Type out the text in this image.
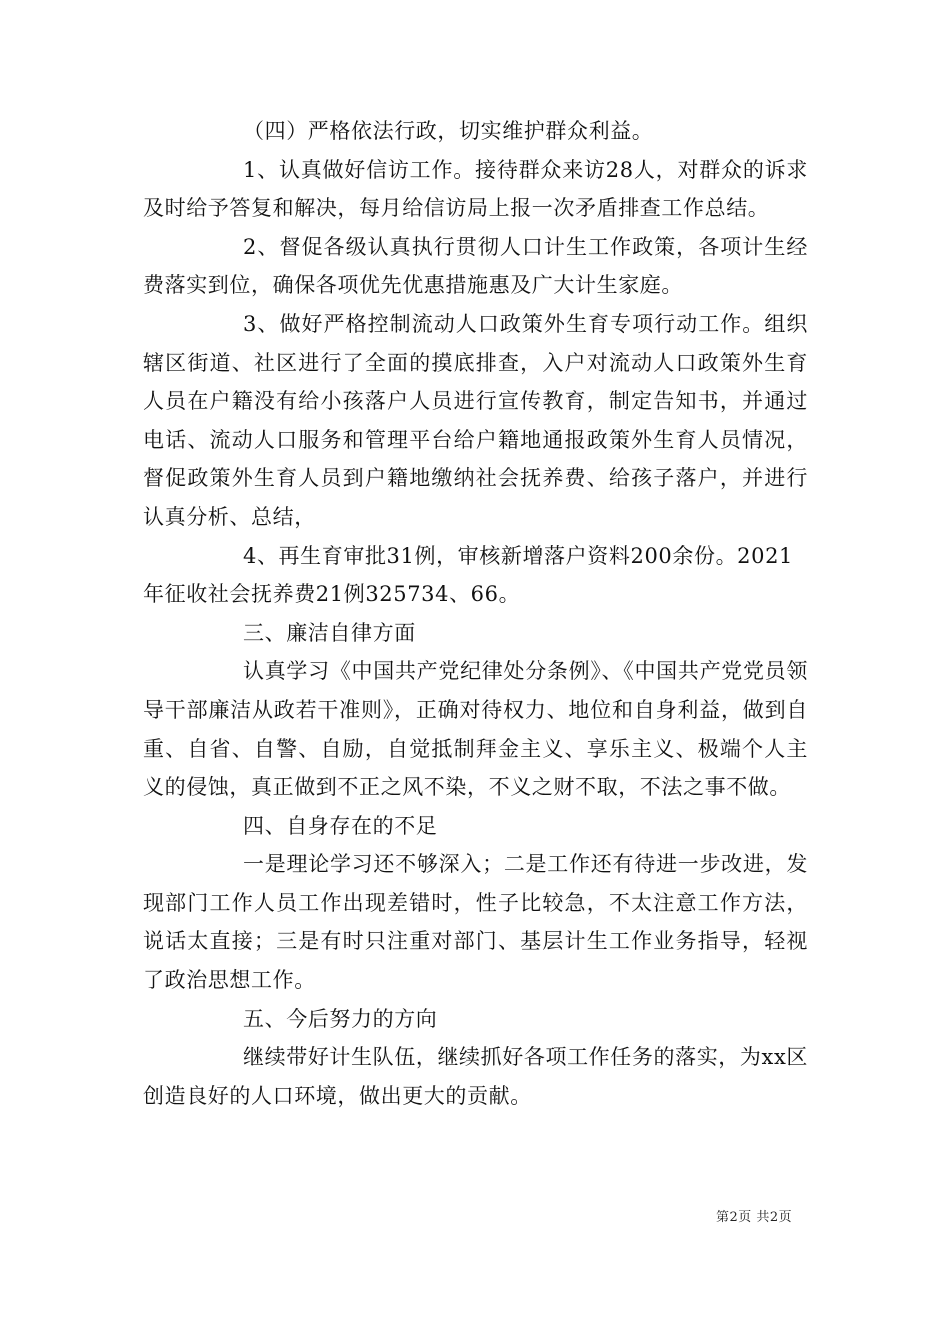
（四）严格依法行政，切实维护群众利益。

1、认真做好信访工作。接待群众来访28人，对群众的诉求及时给予答复和解决，每月给信访局上报一次矛盾排查工作总结。

2、督促各级认真执行贯彻人口计生工作政策，各项计生经费落实到位，确保各项优先优惠措施惠及广大计生家庭。

3、做好严格控制流动人口政策外生育专项行动工作。组织辖区街道、社区进行了全面的摸底排查，入户对流动人口政策外生育人员在户籍没有给小孩落户人员进行宣传教育，制定告知书，并通过电话、流动人口服务和管理平台给户籍地通报政策外生育人员情况，督促政策外生育人员到户籍地缴纳社会抚养费、给孩子落户，并进行认真分析、总结，

4、再生育审批31例，审核新增落户资料200余份。2021年征收社会抚养费21例325734、66。

三、廉洁自律方面

认真学习《中国共产党纪律处分条例》、《中国共产党党员领导干部廉洁从政若干准则》，正确对待权力、地位和自身利益，做到自重、自省、自警、自励，自觉抵制拜金主义、享乐主义、极端个人主义的侵蚀，真正做到不正之风不染，不义之财不取，不法之事不做。

四、自身存在的不足

一是理论学习还不够深入；二是工作还有待进一步改进，发现部门工作人员工作出现差错时，性子比较急，不太注意工作方法，说话太直接；三是有时只注重对部门、基层计生工作业务指导，轻视了政治思想工作。

五、今后努力的方向

继续带好计生队伍，继续抓好各项工作任务的落实，为xx区创造良好的人口环境，做出更大的贡献。

第2页 共2页
